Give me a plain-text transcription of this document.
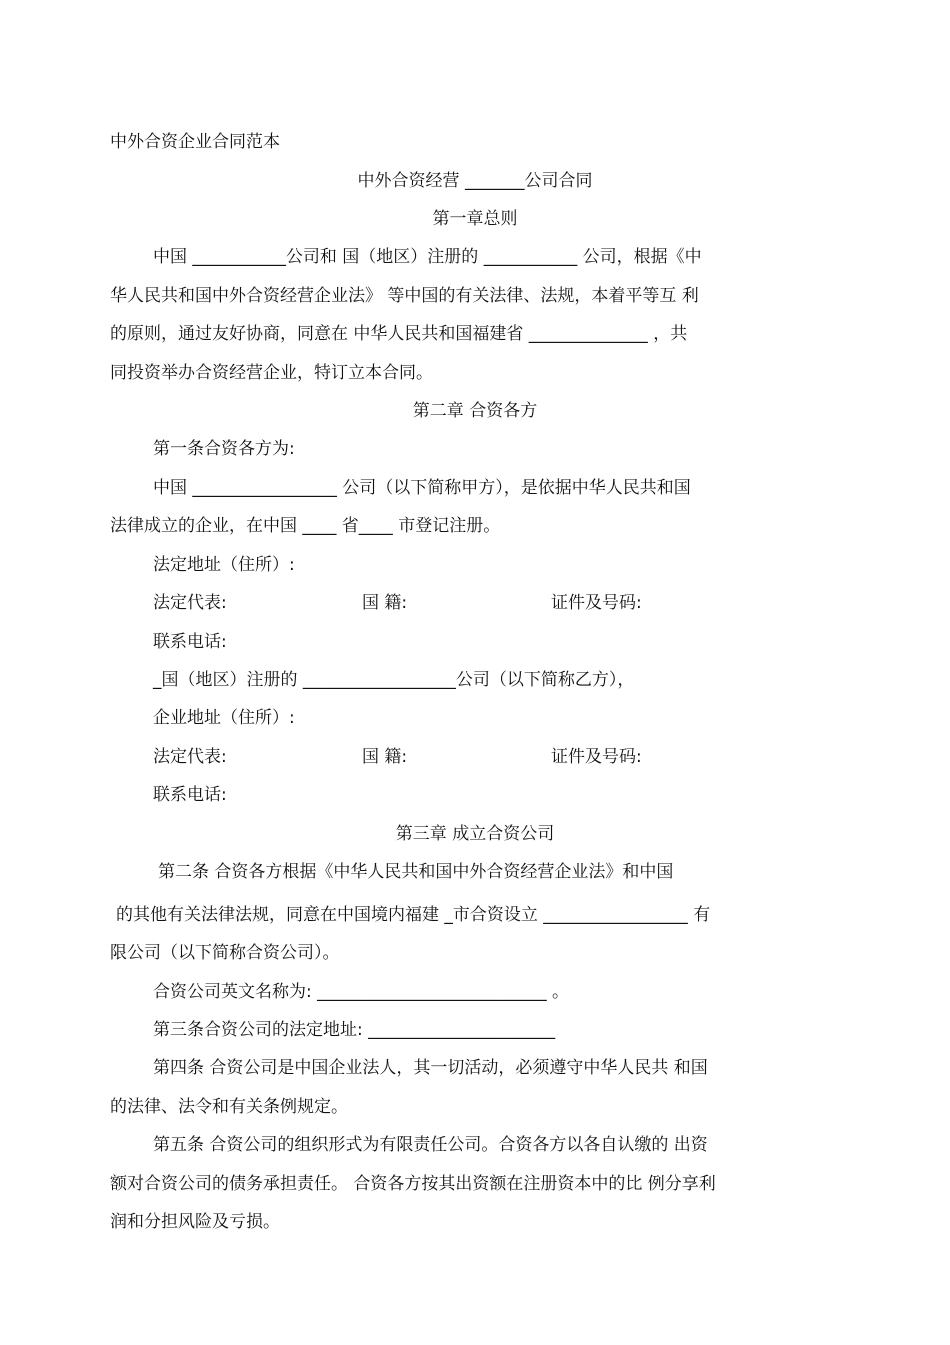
中外合资企业合同范本
中外合资经营 _______公司合同
第一章总则
中国 ___________公司和 国（地区）注册的 ___________ 公司，根据《中
华人民共和国中外合资经营企业法》 等中国的有关法律、法规，本着平等互 利
的原则，通过友好协商，同意在 中华人民共和国福建省 ______________ ，共
同投资举办合资经营企业，特订立本合同。
第二章 合资各方
第一条合资各方为:
中国 _________________ 公司（以下简称甲方），是依据中华人民共和国
法律成立的企业，在中国 ____ 省____ 市登记注册。
法定地址（住所）:
法定代表:	国 籍:	证件及号码:
联系电话:
_国（地区）注册的 __________________公司（以下简称乙方），
企业地址（住所）:
法定代表:	国 籍:	证件及号码:
联系电话:
第三章 成立合资公司
第二条 合资各方根据《中华人民共和国中外合资经营企业法》和中国
的其他有关法律法规，同意在中国境内福建 _市合资设立 _________________ 有
限公司（以下简称合资公司）。
合资公司英文名称为: ___________________________ 。
第三条合资公司的法定地址: ______________________
第四条 合资公司是中国企业法人，其一切活动，必须遵守中华人民共 和国
的法律、法令和有关条例规定。
第五条 合资公司的组织形式为有限责任公司。合资各方以各自认缴的 出资
额对合资公司的债务承担责任。 合资各方按其出资额在注册资本中的比 例分享利
润和分担风险及亏损。
